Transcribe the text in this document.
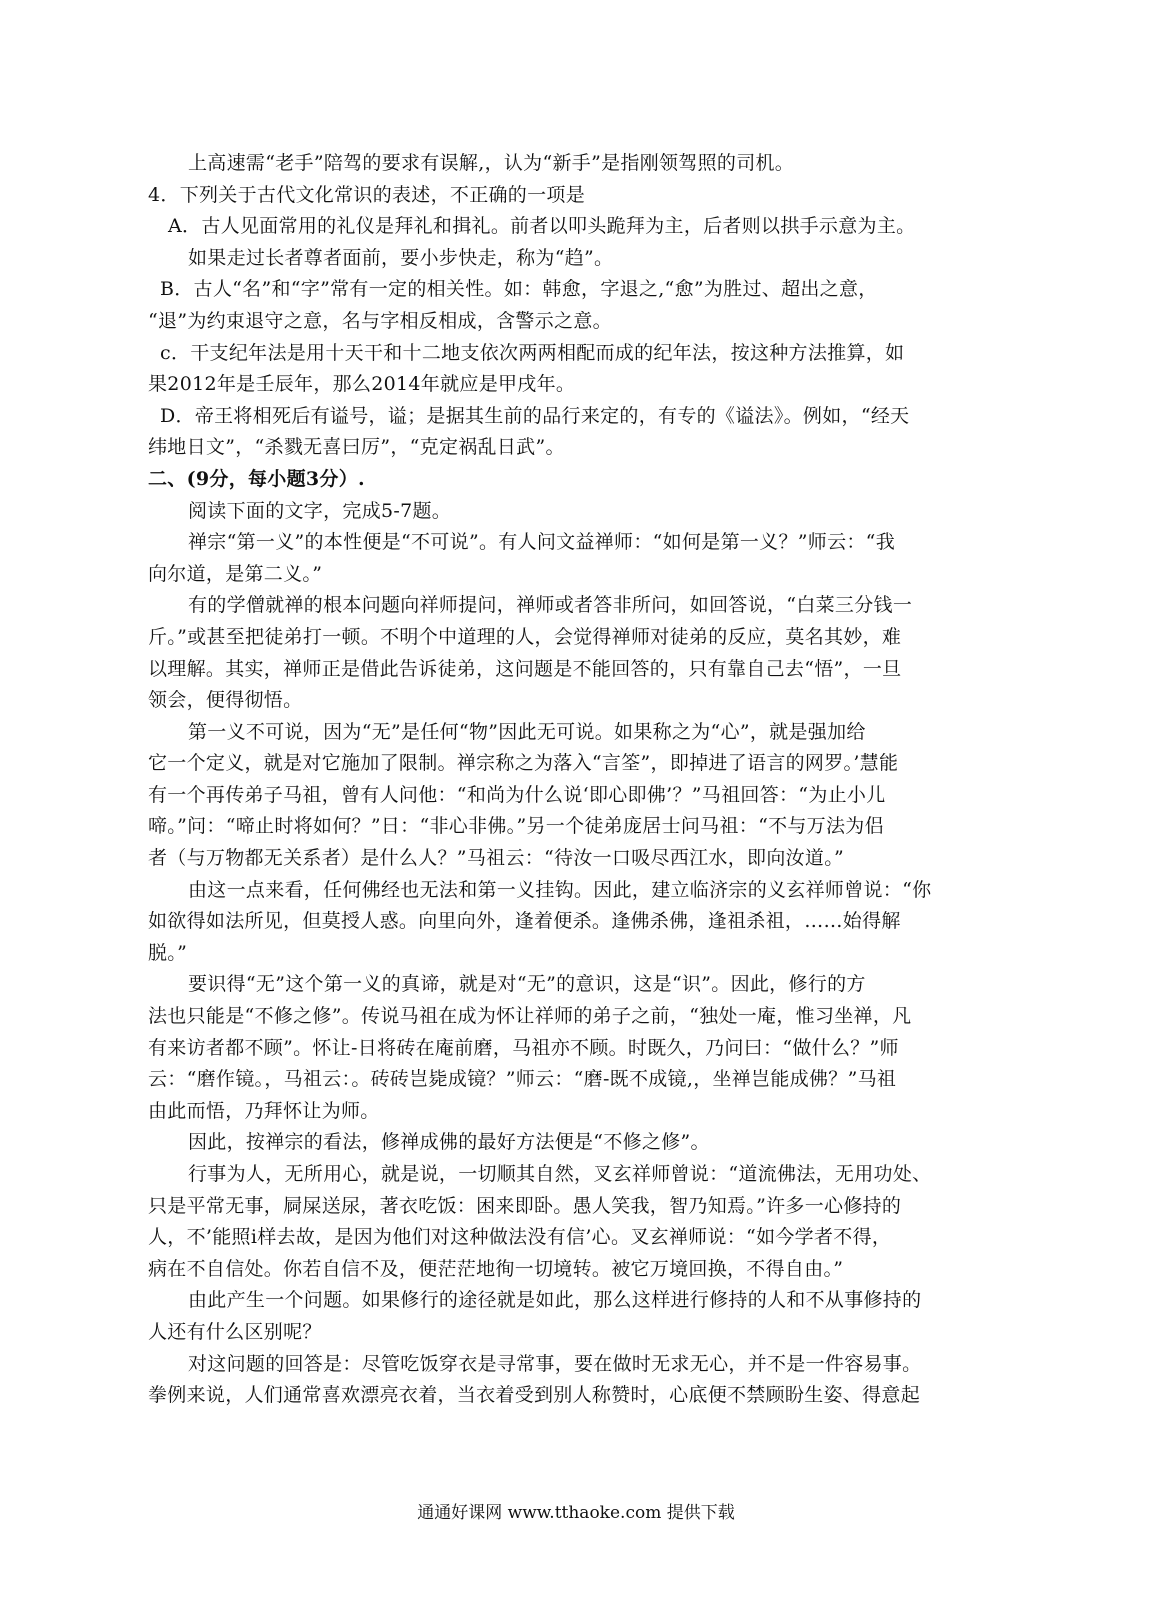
上高速需“老手”陪驾的要求有误解,，认为“新手”是指刚领驾照的司机。
4．下列关于古代文化常识的表述，不正确的一项是
A．古人见面常用的礼仪是拜礼和揖礼。前者以叩头跪拜为主，后者则以拱手示意为主。
如果走过长者尊者面前，要小步快走，称为“趋”。
B．古人“名”和“字”常有一定的相关性。如：韩愈，字退之,“愈”为胜过、超出之意，
“退”为约束退守之意，名与字相反相成，含警示之意。
c．干支纪年法是用十天干和十二地支依次两两相配而成的纪年法，按这种方法推算，如
果2012年是壬辰年，那么2014年就应是甲戌年。
D．帝王将相死后有谥号，谥；是据其生前的品行来定的，有专的《谥法》。例如，“经天
纬地日文”，“杀戮无喜曰厉”，“克定祸乱日武”。
二、(9分，每小题3分）.
阅读下面的文字，完成5-7题。
禅宗“第一义”的本性便是“不可说”。有人问文益禅师：“如何是第一义？”师云：“我
向尔道，是第二义。”
有的学僧就禅的根本问题向祥师提问，禅师或者答非所问，如回答说，“白菜三分钱一
斤。”或甚至把徒弟打一顿。不明个中道理的人，会觉得禅师对徒弟的反应，莫名其妙，难
以理解。其实，禅师正是借此告诉徒弟，这问题是不能回答的，只有靠自己去“悟”，一旦
领会，便得彻悟。
第一义不可说，因为“无”是任何“物”因此无可说。如果称之为“心”，就是强加给
它一个定义，就是对它施加了限制。禅宗称之为落入“言筌”，即掉进了语言的网罗。’慧能
有一个再传弟子马祖，曾有人问他：“和尚为什么说‘即心即佛’？”马祖回答：“为止小儿
啼。”问：“啼止时将如何？”日：“非心非佛。”另一个徒弟庞居士问马祖：“不与万法为侣
者（与万物都无关系者）是什么人？”马祖云：“待汝一口吸尽西江水，即向汝道。”
由这一点来看，任何佛经也无法和第一义挂钩。因此，建立临济宗的义玄祥师曾说：“你
如欲得如法所见，但莫授人惑。向里向外，逢着便杀。逢佛杀佛，逢祖杀祖，……始得解
脱。”
要识得“无”这个第一义的真谛，就是对“无”的意识，这是“识”。因此，修行的方
法也只能是“不修之修”。传说马祖在成为怀让祥师的弟子之前，“独处一庵，惟习坐禅，凡
有来访者都不顾”。怀让-日将砖在庵前磨，马祖亦不顾。时既久，乃问曰：“做什么？”师
云：“磨作镜。，马祖云：。砖砖岂毙成镜？”师云：“磨-既不成镜,，坐禅岂能成佛？”马祖
由此而悟，乃拜怀让为师。
因此，按禅宗的看法，修禅成佛的最好方法便是“不修之修”。
行事为人，无所用心，就是说，一切顺其自然，叉玄祥师曾说：“道流佛法，无用功处、
只是平常无事，屙屎送尿，著衣吃饭：困来即卧。愚人笑我，智乃知焉。”许多一心修持的
人，不’能照i样去故，是因为他们对这种做法没有信’心。叉玄禅师说：“如今学者不得，
病在不自信处。你若自信不及，便茫茫地徇一切境转。被它万境回换，不得自由。”
由此产生一个问题。如果修行的途径就是如此，那么这样进行修持的人和不从事修持的
人还有什么区别呢？
对这问题的回答是：尽管吃饭穿衣是寻常事，要在做时无求无心，并不是一件容易事。
拳例来说，人们通常喜欢漂亮衣着，当衣着受到别人称赞时，心底便不禁顾盼生姿、得意起
通通好课网 www.tthaoke.com 提供下载
